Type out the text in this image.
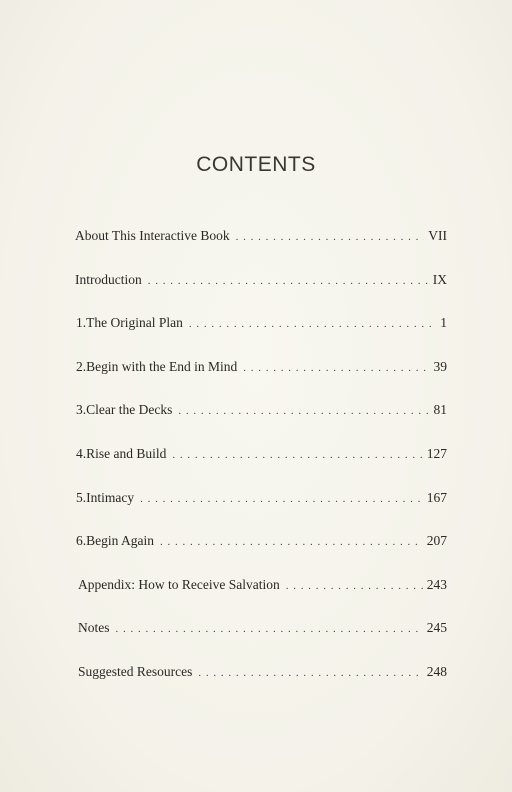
CONTENTS
About This Interactive Book . . .	VII
Introduction . . .	IX
1. The Original Plan . . .	1
2. Begin with the End in Mind . . .	39
3. Clear the Decks . . .	81
4. Rise and Build . . .	127
5. Intimacy . . .	167
6. Begin Again . . .	207
Appendix: How to Receive Salvation . . .	243
Notes . . .	245
Suggested Resources . . .	248
